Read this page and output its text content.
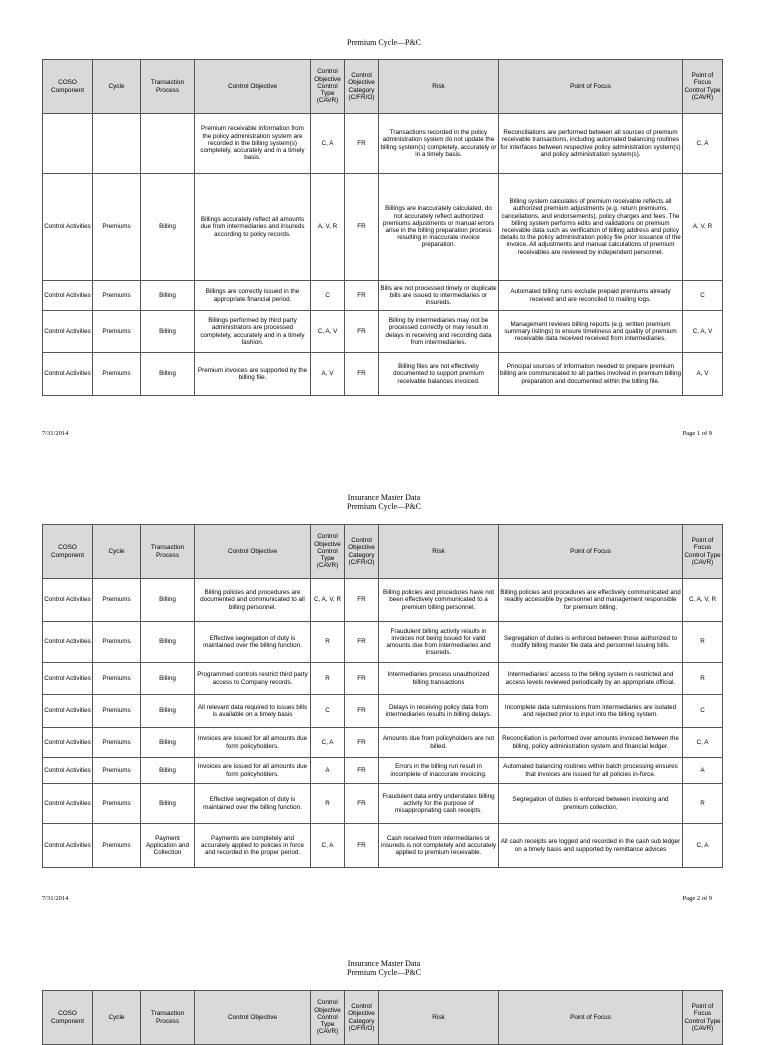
Premium Cycle—P&C
COSO Component	Cycle	Transaction Process	Control Objective	Control Objective Control Type (CAVR)	Control Objective Category (C/FR/O)	Risk	Point of Focus	Point of Focus Control Type (CAVR)
			Premium receivable information from the policy administration system are recorded in the billing system(s) completely, accurately and in a timely basis.	C, A	FR	Transactions recorded in the policy administration system do not update the billing system(s) completely, accurately or in a timely basis.	Reconciliations are performed between all sources of premium receivable transactions, including automated balancing routines for interfaces between respective policy administration system(s) and policy administration system(s).	C, A
Control Activities	Premiums	Billing	Billings accurately reflect all amounts due from intermediaries and insureds according to policy records.	A, V, R	FR	Billings are inaccurately calculated, do not accurately reflect authorized premiums adjustments or manual errors arise in the billing preparation process resulting in inaccurate invoice preparation.	Billing system calculates of premium receivable reflects all authorized premium adjustments (e.g. return premiums, cancellations, and endorsements), policy charges and fees. The billing system performs edits and validations on premium receivable data such as verification of billing address and policy details to the policy administration policy file prior issuance of the invoice. All adjustments and manual calculations of premium receivables are reviewed by independent personnel.	A, V, R
Control Activities	Premiums	Billing	Billings are correctly issued in the appropriate financial period.	C	FR	Bills are not processed timely or duplicate bills are issued to intermediaries or insureds.	Automated billing runs exclude prepaid premiums already received and are reconciled to mailing logs.	C
Control Activities	Premiums	Billing	Billings performed by third party administrators are processed completely, accurately and in a timely fashion.	C, A, V	FR	Billing by intermediaries may not be processed correctly or may result in delays in receiving and recording data from intermediaries.	Management reviews billing reports (e.g. written premium summary listings) to ensure timeliness and quality of premium receivable data received received from intermediaries.	C, A, V
Control Activities	Premiums	Billing	Premium invoices are supported by the billing file.	A, V	FR	Billing files are not effectively documented to support premium receivable balances invoiced.	Principal sources of information needed to prepare premium billing are communicated to all parties involved in premium billing preparation and documented within the billing file.	A, V
7/31/2014	Page 1 of 9
Insurance Master Data
Premium Cycle—P&C
COSO Component	Cycle	Transaction Process	Control Objective	Control Objective Control Type (CAVR)	Control Objective Category (C/FR/O)	Risk	Point of Focus	Point of Focus Control Type (CAVR)
Control Activities	Premiums	Billing	Billing policies and procedures are documented and communicated to all billing personnel.	C, A, V, R	FR	Billing policies and procedures have not been effectively communicated to a premium billing personnel.	Billing policies and procedures are effectively communicated and readily accessible by personnel and management responsible for premium billing.	C, A, V, R
Control Activities	Premiums	Billing	Effective segregation of duty is maintained over the billing function.	R	FR	Fraudulent billing activity results in invoices not being issued for valid amounts due from intermediaries and insureds.	Segregation of duties is enforced between those authorized to modify billing master file data and personnel issuing bills.	R
Control Activities	Premiums	Billing	Programmed controls restrict third party access to Company records.	R	FR	Intermediaries process unauthorized billing transactions	Intermediaries' access to the billing system is restricted and access levels reviewed periodically by an appropriate official.	R
Control Activities	Premiums	Billing	All relevant data required to issues bills is available on a timely basis	C	FR	Delays in receiving policy data from intermediaries results in billing delays.	Incomplete data submissions from intermediaries are isolated and rejected prior to input into the billing system.	C
Control Activities	Premiums	Billing	Invoices are issued for all amounts due form policyholders.	C, A	FR	Amounts due from policyholders are not billed.	Reconciliation is performed over amounts invoiced between the billing, policy administration system and financial ledger.	C, A
Control Activities	Premiums	Billing	Invoices are issued for all amounts due form policyholders.	A	FR	Errors in the billing run result in incomplete of inaccurate invoicing.	Automated balancing routines within batch processing ensures that invoices are issued for all policies in-force.	A
Control Activities	Premiums	Billing	Effective segregation of duty is maintained over the billing function.	R	FR	Fraudulent data entry understates billing activity for the purpose of misappropriating cash receipts.	Segregation of duties is enforced between invoicing and premium collection.	R
Control Activities	Premiums	Payment Application and Collection	Payments are completely and accurately applied to policies in force and recorded in the proper period.	C, A	FR	Cash received from intermediaries or insureds is not completely and accurately applied to premium receivable.	All cash receipts are logged and recorded in the cash sub ledger on a timely basis and supported by remittance advices	C, A
7/31/2014	Page 2 of 9
Insurance Master Data
Premium Cycle—P&C
COSO Component	Cycle	Transaction Process	Control Objective	Control Objective Control Type (CAVR)	Control Objective Category (C/FR/O)	Risk	Point of Focus	Point of Focus Control Type (CAVR)
